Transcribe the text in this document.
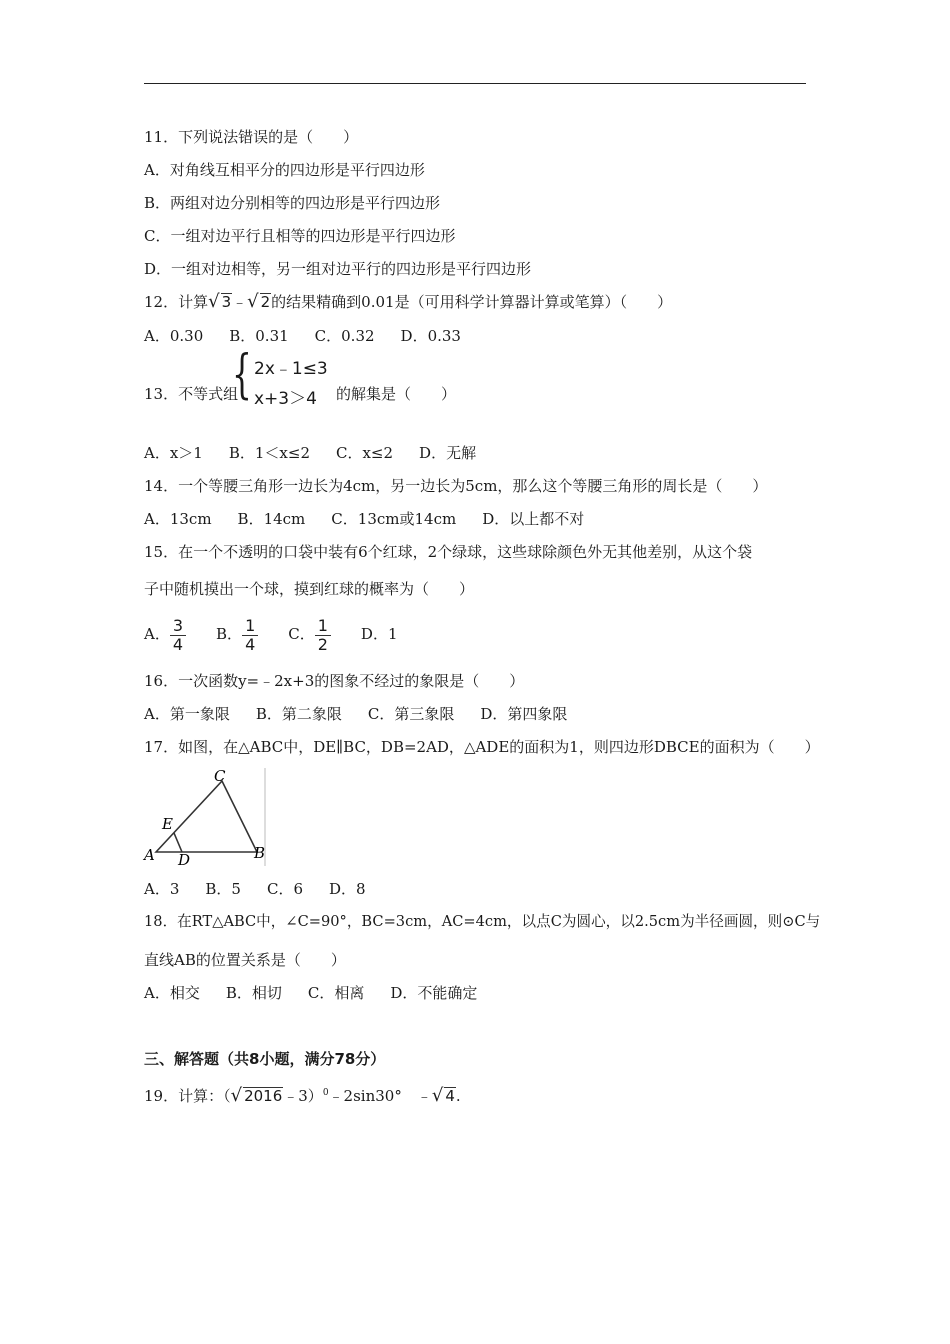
11．下列说法错误的是（　　）
A．对角线互相平分的四边形是平行四边形
B．两组对边分别相等的四边形是平行四边形
C．一组对边平行且相等的四边形是平行四边形
D．一组对边相等，另一组对边平行的四边形是平行四边形
12．计算√ 3﹣√ 2的结果精确到0.01是（可用科学计算器计算或笔算）（　　）
A．0.30 B．0.31 C．0.32 D．0.33
13．不等式组
{ 2x﹣1≤3
x+3＞4 的解集是（　　）
A．x＞1 B．1＜x≤2 C．x≤2 D．无解
14．一个等腰三角形一边长为4cm，另一边长为5cm，那么这个等腰三角形的周长是（　　）
A．13cm B．14cm C．13cm或14cm D．以上都不对
15．在一个不透明的口袋中装有6个红球，2个绿球，这些球除颜色外无其他差别，从这个袋
子中随机摸出一个球，摸到红球的概率为（　　）
A． $\frac{3}{4}$ B． $\frac{1}{4}$ C． $\frac{1}{2}$ D．1
16．一次函数y=﹣2x+3的图象不经过的象限是（　　）
A．第一象限 B．第二象限 C．第三象限 D．第四象限
17．如图，在△ABC中，DE∥BC，DB=2AD，△ADE的面积为1，则四边形DBCE的面积为（　　）
A	B
C
D
E
A．3 B．5 C．6 D．8
18．在RT△ABC中，∠C=90°，BC=3cm，AC=4cm，以点C为圆心，以2.5cm为半径画圆，则⊙C与
直线AB的位置关系是（　　）
A．相交 B．相切 C．相离 D．不能确定
三、解答题（共8小题，满分78分）
19．计算：（√ 2016﹣3）$^0$﹣2sin30°　﹣√ 4.
